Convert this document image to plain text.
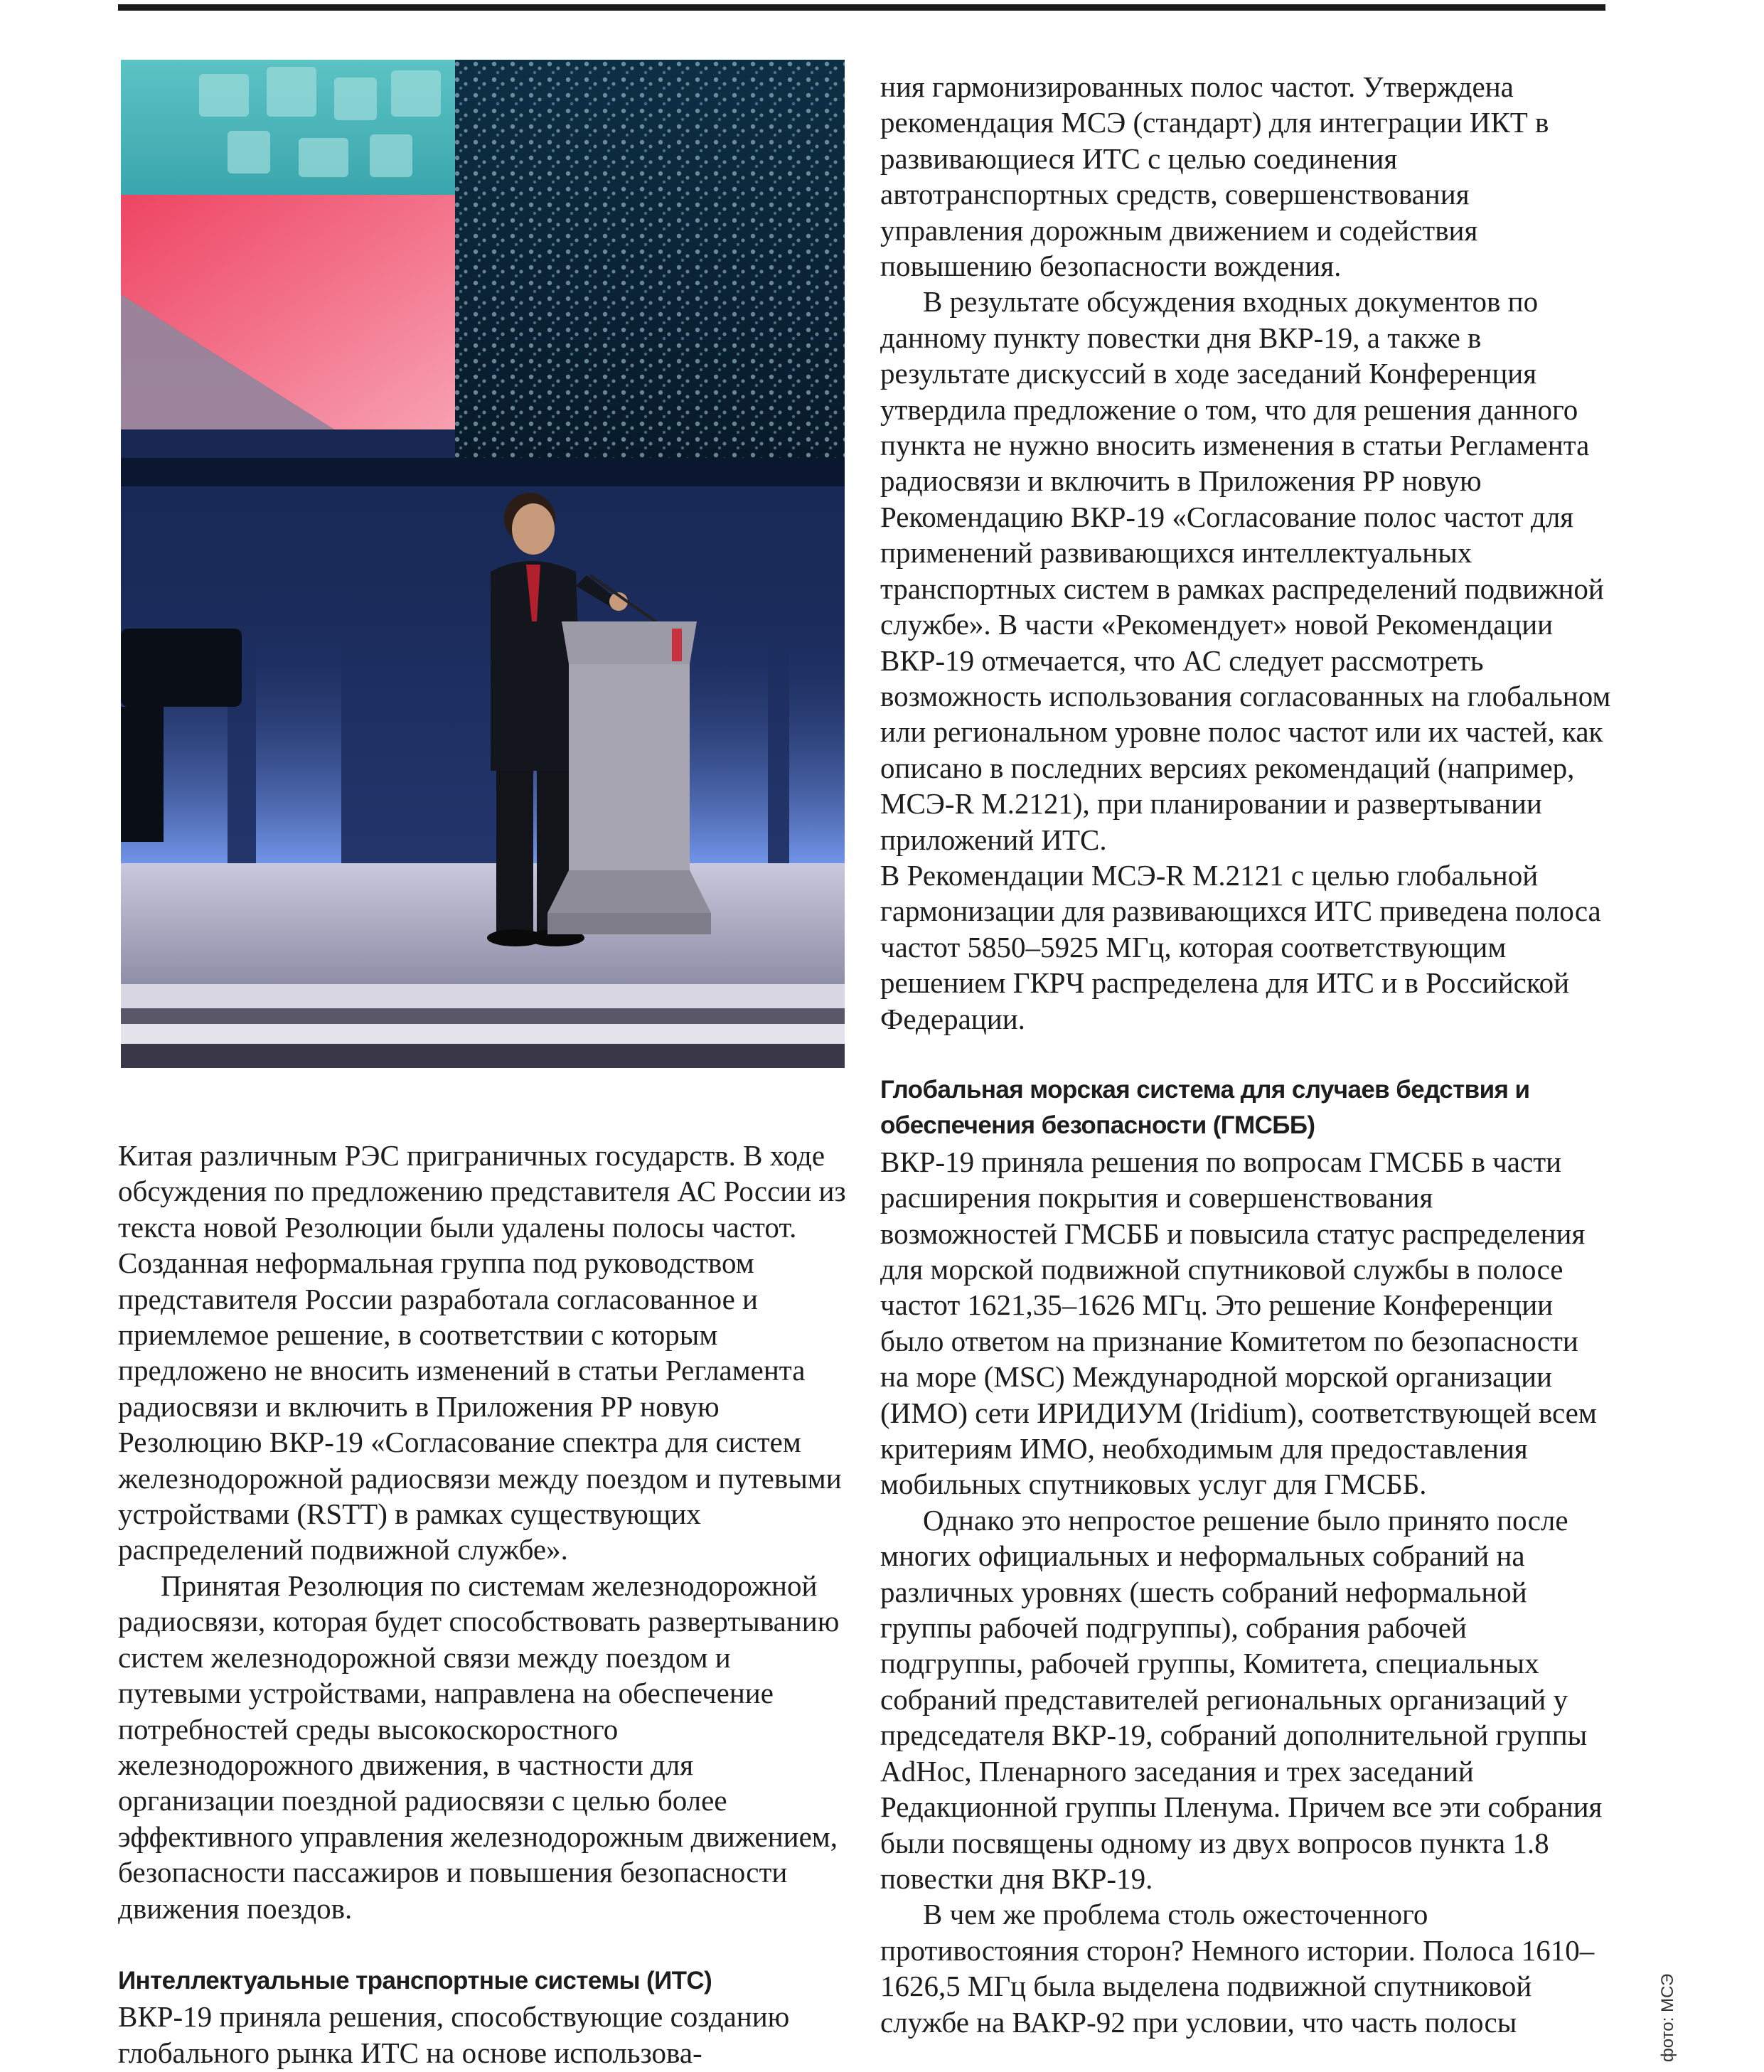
Китая различным РЭС приграничных государств. В ходе обсуждения по предложению представителя АС России из текста новой Резолюции были удалены полосы частот. Созданная неформальная группа под руководством представителя России разработала согласованное и приемлемое решение, в соответствии с которым предложено не вносить изменений в статьи Регламента радиосвязи и включить в Приложения РР новую Резолюцию ВКР-19 «Согласование спектра для систем железнодорожной радиосвязи между поездом и путевыми устройствами (RSTT) в рамках существующих распределений подвижной службе».

Принятая Резолюция по системам железнодорожной радиосвязи, которая будет способствовать развертыванию систем железнодорожной связи между поездом и путевыми устройствами, направлена на обеспечение потребностей среды высокоскоростного железнодорожного движения, в частности для организации поездной радиосвязи с целью более эффективного управления железнодорожным движением, безопасности пассажиров и повышения безопасности движения поездов.

Интеллектуальные транспортные системы (ИТС)

ВКР-19 приняла решения, способствующие созданию глобального рынка ИТС на основе использова-

ния гармонизированных полос частот. Утверждена рекомендация МСЭ (стандарт) для интеграции ИКТ в развивающиеся ИТС с целью соединения автотранспортных средств, совершенствования управления дорожным движением и содействия повышению безопасности вождения.

В результате обсуждения входных документов по данному пункту повестки дня ВКР-19, а также в результате дискуссий в ходе заседаний Конференция утвердила предложение о том, что для решения данного пункта не нужно вносить изменения в статьи Регламента радиосвязи и включить в Приложения РР новую Рекомендацию ВКР-19 «Согласование полос частот для применений развивающихся интеллектуальных транспортных систем в рамках распределений подвижной службе». В части «Рекомендует» новой Рекомендации ВКР-19 отмечается, что АС следует рассмотреть возможность использования согласованных на глобальном или региональном уровне полос частот или их частей, как описано в последних версиях рекомендаций (например, МСЭ-R M.2121), при планировании и развертывании приложений ИТС.

В Рекомендации МСЭ-R M.2121 с целью глобальной гармонизации для развивающихся ИТС приведена полоса частот 5850–5925 МГц, которая соответствующим решением ГКРЧ распределена для ИТС и в Российской Федерации.

Глобальная морская система для случаев бедствия и обеспечения безопасности (ГМСББ)

ВКР-19 приняла решения по вопросам ГМСББ в части расширения покрытия и совершенствования возможностей ГМСББ и повысила статус распределения для морской подвижной спутниковой службы в полосе частот 1621,35–1626 МГц. Это решение Конференции было ответом на признание Комитетом по безопасности на море (MSC) Международной морской организации (ИМО) сети ИРИДИУМ (Iridium), соответствующей всем критериям ИМО, необходимым для предоставления мобильных спутниковых услуг для ГМСББ.

Однако это непростое решение было принято после многих официальных и неформальных собраний на различных уровнях (шесть собраний неформальной группы рабочей подгруппы), собрания рабочей подгруппы, рабочей группы, Комитета, специальных собраний представителей региональных организаций у председателя ВКР-19, собраний дополнительной группы AdHoc, Пленарного заседания и трех заседаний Редакционной группы Пленума. Причем все эти собрания были посвящены одному из двух вопросов пункта 1.8 повестки дня ВКР-19.

В чем же проблема столь ожесточенного противостояния сторон? Немного истории. Полоса 1610–1626,5 МГц была выделена подвижной спутниковой службе на ВАКР-92 при условии, что часть полосы	фото: МСЭ
